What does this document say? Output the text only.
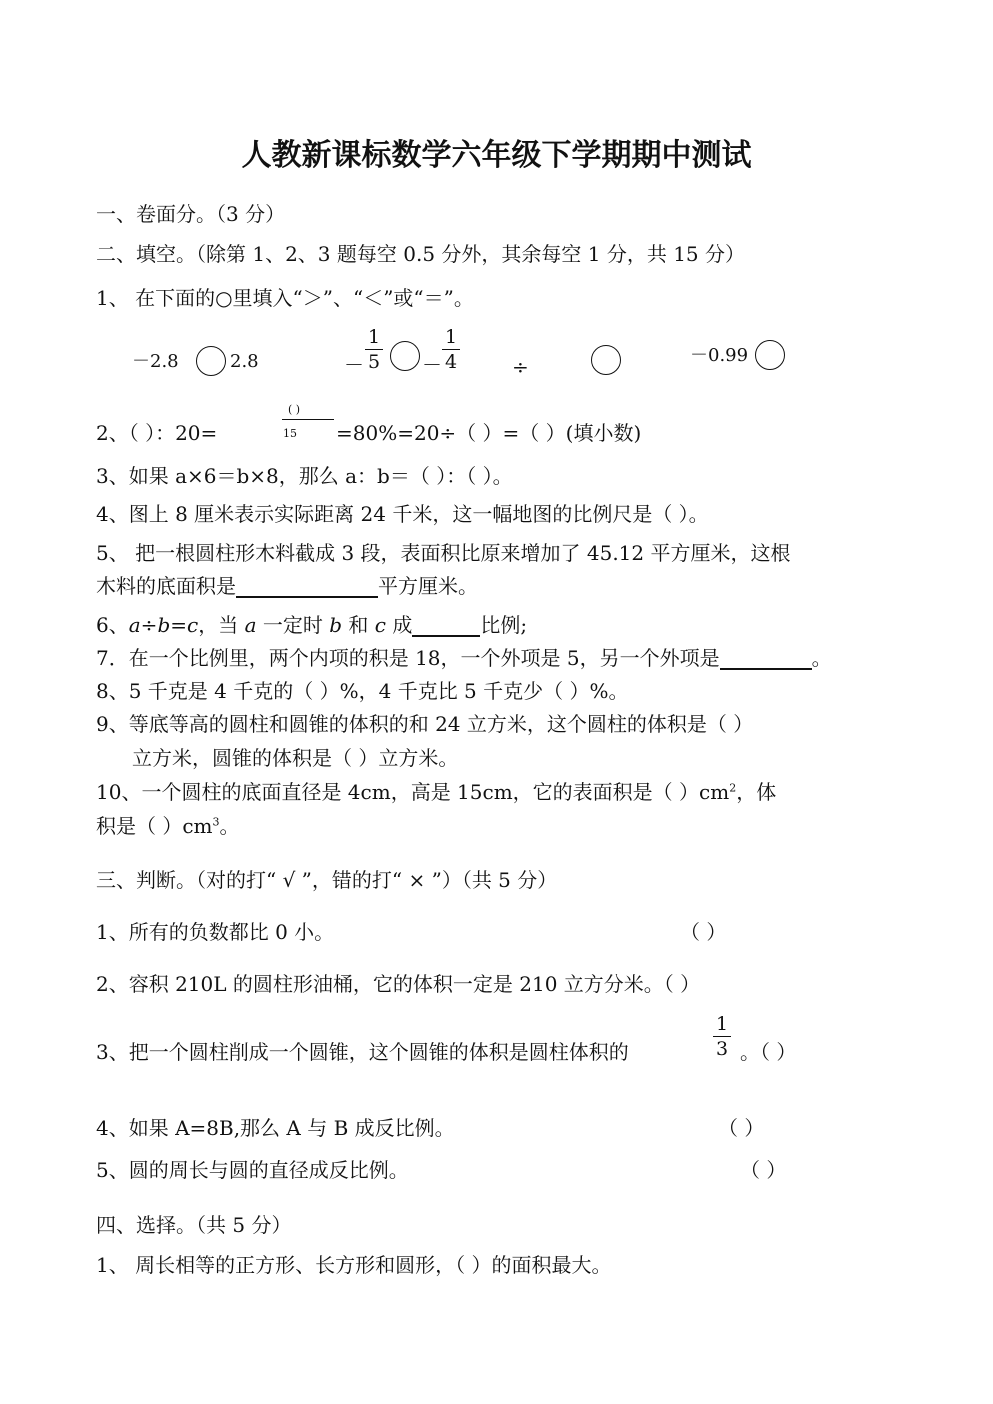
人教新课标数学六年级下学期期中测试
一、卷面分。（3 分）
二、填空。（除第 1、2、3 题每空 0.5 分外，其余每空 1 分，共 15 分）
1、 在下面的○里填入“＞”、“＜”或“＝”。
－2.8	2.8	－
1
5 －
1
4	÷	－0.99
( )
2、（ ）：20=	15 =80%=20÷（ ）=（ ）(填小数)
3、如果 a×6＝b×8，那么 a：b＝（ ）：（ ）。
4、图上 8 厘米表示实际距离 24 千米，这一幅地图的比例尺是（ ）。
5、 把一根圆柱形木料截成 3 段，表面积比原来增加了 45.12 平方厘米，这根
木料的底面积是	平方厘米。
6、a÷b=c，当 a 一定时 b 和 c 成	比例;
7．在一个比例里，两个内项的积是 18，一个外项是 5，另一个外项是	。
8、5 千克是 4 千克的（ ）%，4 千克比 5 千克少（ ）%。
9、等底等高的圆柱和圆锥的体积的和 24 立方米，这个圆柱的体积是（ ）
立方米，圆锥的体积是（ ）立方米。
10、一个圆柱的底面直径是 4cm，高是 15cm，它的表面积是（ ）$cm^2$，体
积是（ ）$cm^3$。
三、判断。（对的打“ √ ”，错的打“ × ”）（共 5 分）
1、所有的负数都比 0 小。	（ ）
2、容积 210L 的圆柱形油桶，它的体积一定是 210 立方分米。（ ）
3、把一个圆柱削成一个圆锥，这个圆锥的体积是圆柱体积的
1
3 。（ ）
4、如果 A=8B,那么 A 与 B 成反比例。	（ ）
5、圆的周长与圆的直径成反比例。	（ ）
四、选择。（共 5 分）
1、 周长相等的正方形、长方形和圆形，（ ）的面积最大。
